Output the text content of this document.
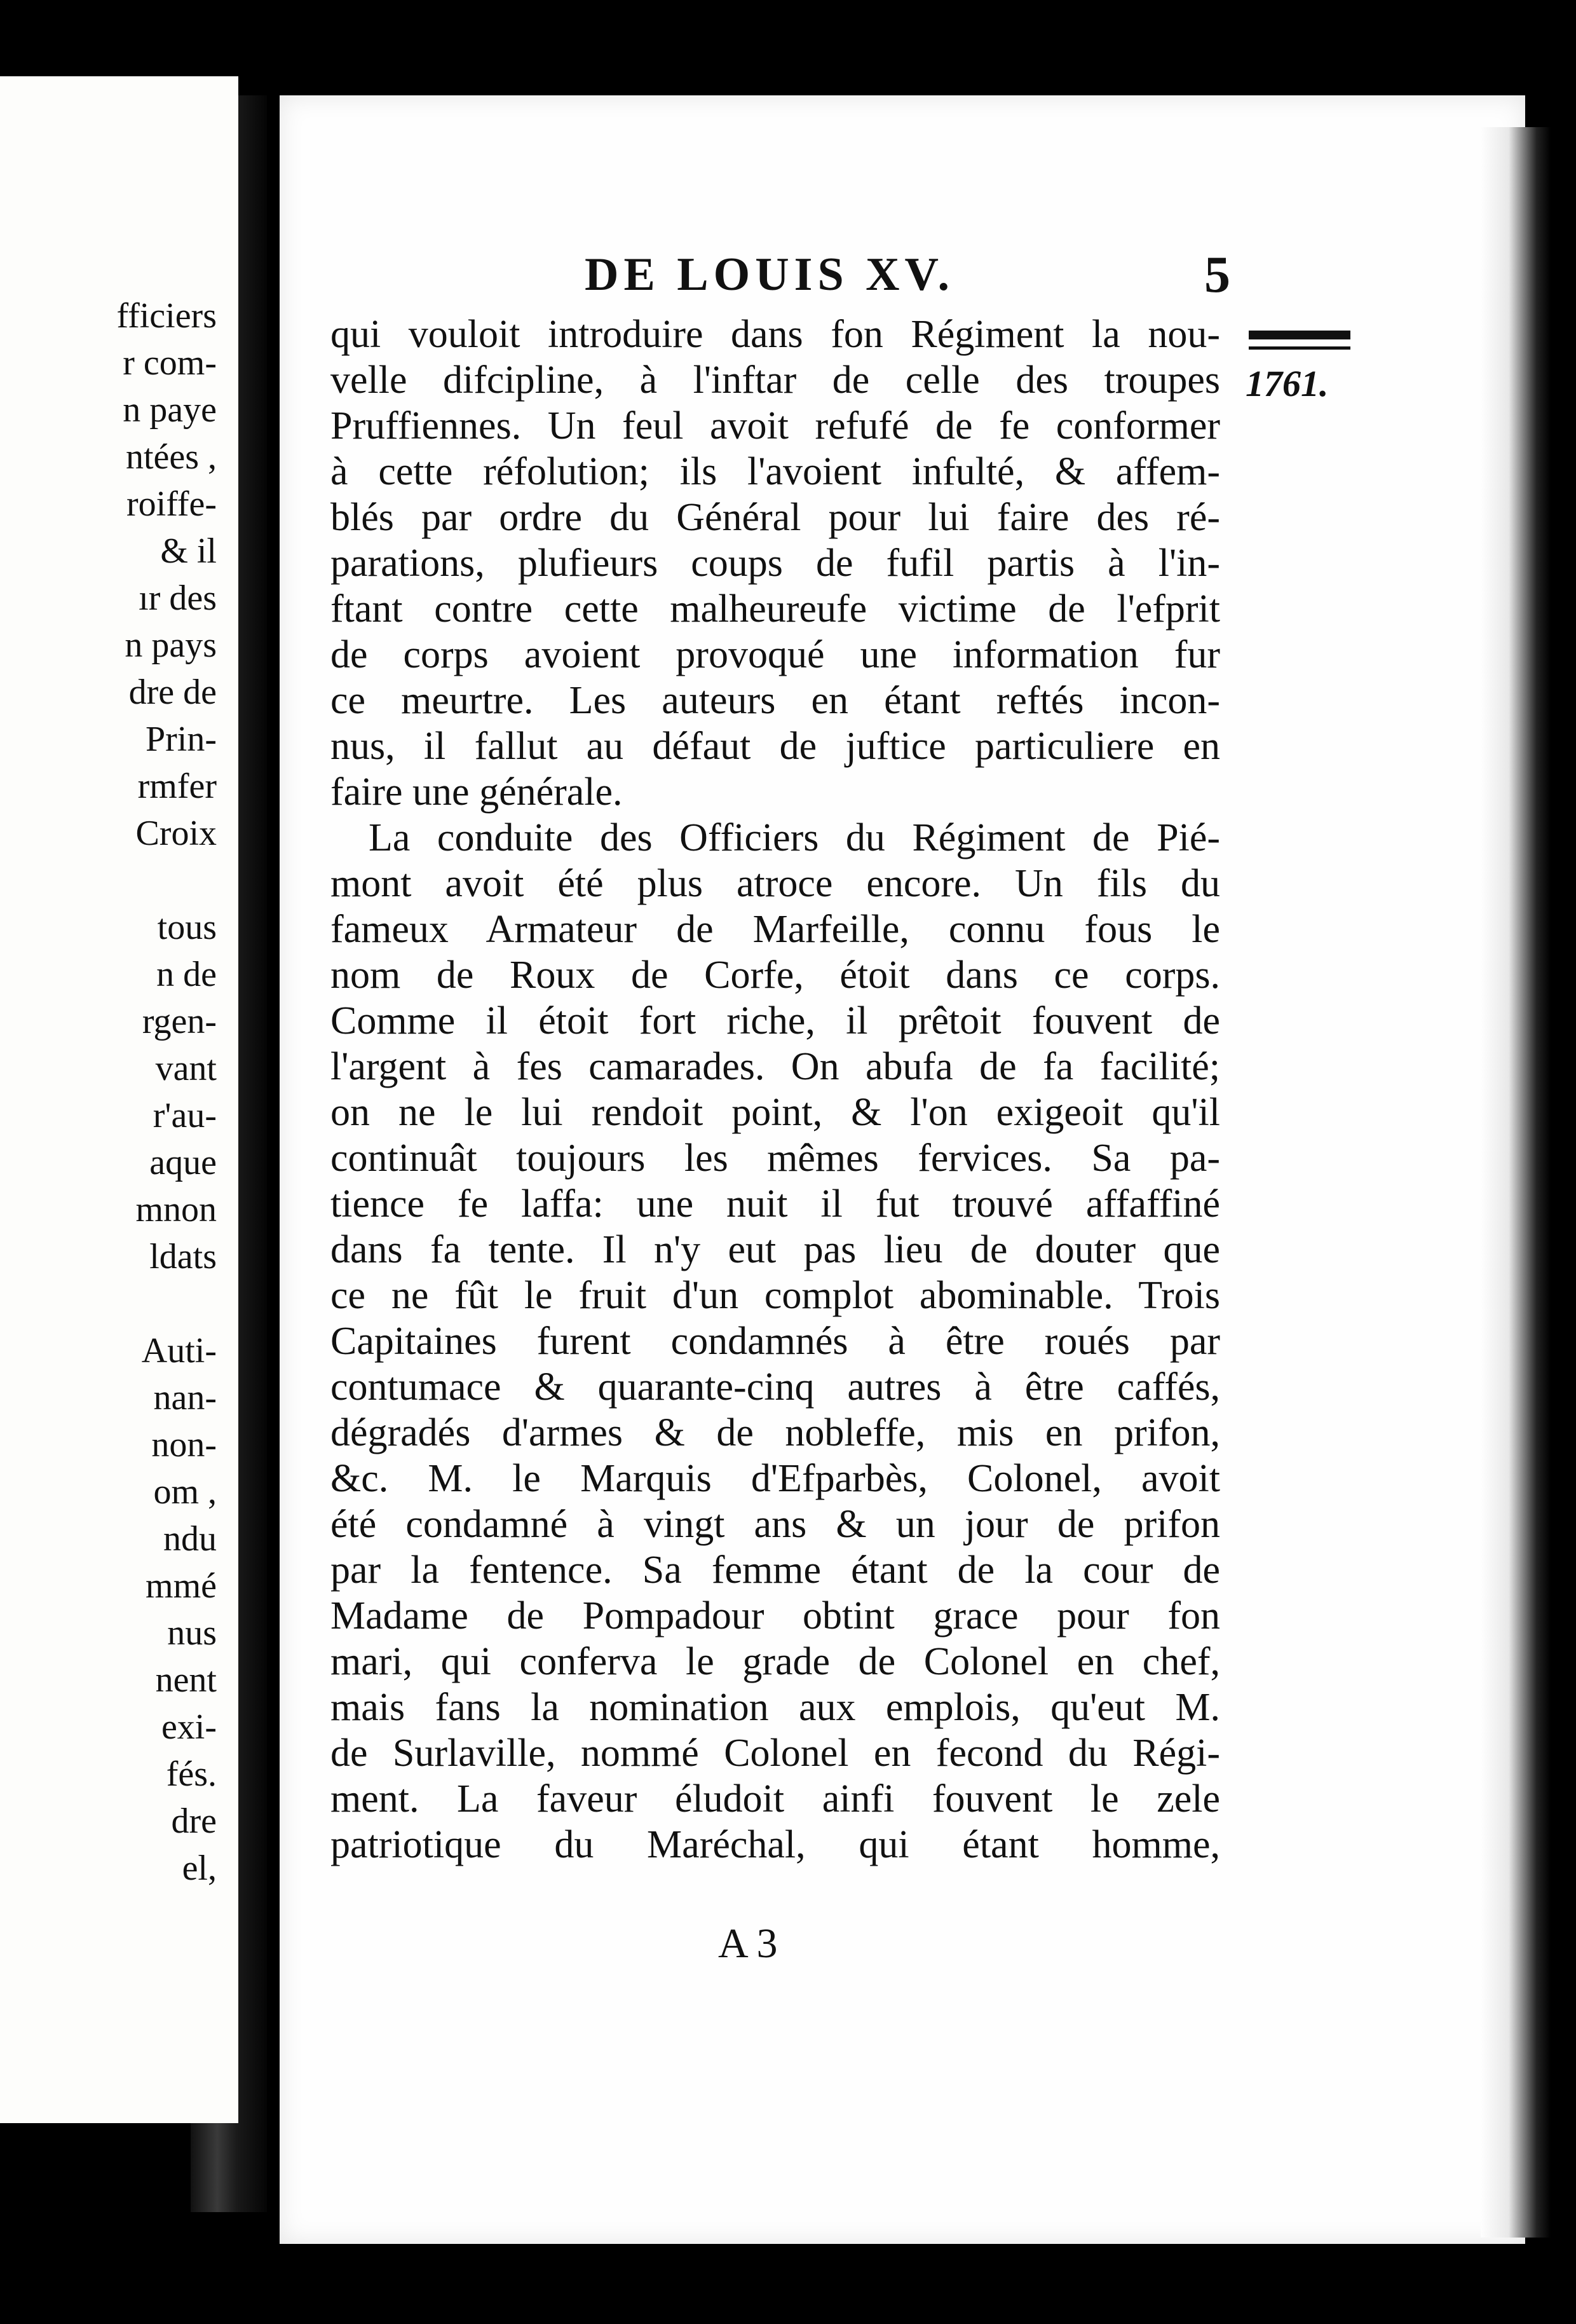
fficiers
r com-
n paye
ntées ,
roiffe-
& il
ır des
n pays
dre de
Prin-
rmfer
Croix
tous
n de
rgen-
vant
r'au-
aque
mnon
ldats
Auti-
nan-
non-
om ,
ndu
mmé
nus
nent
exi-
fés.
dre
el,
DE LOUIS XV.	5
1761.
qui vouloit introduire dans fon Régiment la nou-
velle difcipline, à l'inftar de celle des troupes
Pruffiennes. Un feul avoit refufé de fe conformer
à cette réfolution; ils l'avoient infulté, & affem-
blés par ordre du Général pour lui faire des ré-
parations, plufieurs coups de fufil partis à l'in-
ftant contre cette malheureufe victime de l'efprit
de corps avoient provoqué une information fur
ce meurtre. Les auteurs en étant reftés incon-
nus, il fallut au défaut de juftice particuliere en
faire une générale.
La conduite des Officiers du Régiment de Pié-
mont avoit été plus atroce encore. Un fils du
fameux Armateur de Marfeille, connu fous le
nom de Roux de Corfe, étoit dans ce corps.
Comme il étoit fort riche, il prêtoit fouvent de
l'argent à fes camarades. On abufa de fa facilité;
on ne le lui rendoit point, & l'on exigeoit qu'il
continuât toujours les mêmes fervices. Sa pa-
tience fe laffa: une nuit il fut trouvé affaffiné
dans fa tente. Il n'y eut pas lieu de douter que
ce ne fût le fruit d'un complot abominable. Trois
Capitaines furent condamnés à être roués par
contumace & quarante-cinq autres à être caffés,
dégradés d'armes & de nobleffe, mis en prifon,
&c. M. le Marquis d'Efparbès, Colonel, avoit
été condamné à vingt ans & un jour de prifon
par la fentence. Sa femme étant de la cour de
Madame de Pompadour obtint grace pour fon
mari, qui conferva le grade de Colonel en chef,
mais fans la nomination aux emplois, qu'eut M.
de Surlaville, nommé Colonel en fecond du Régi-
ment. La faveur éludoit ainfi fouvent le zele
patriotique du Maréchal, qui étant homme,
A 3
